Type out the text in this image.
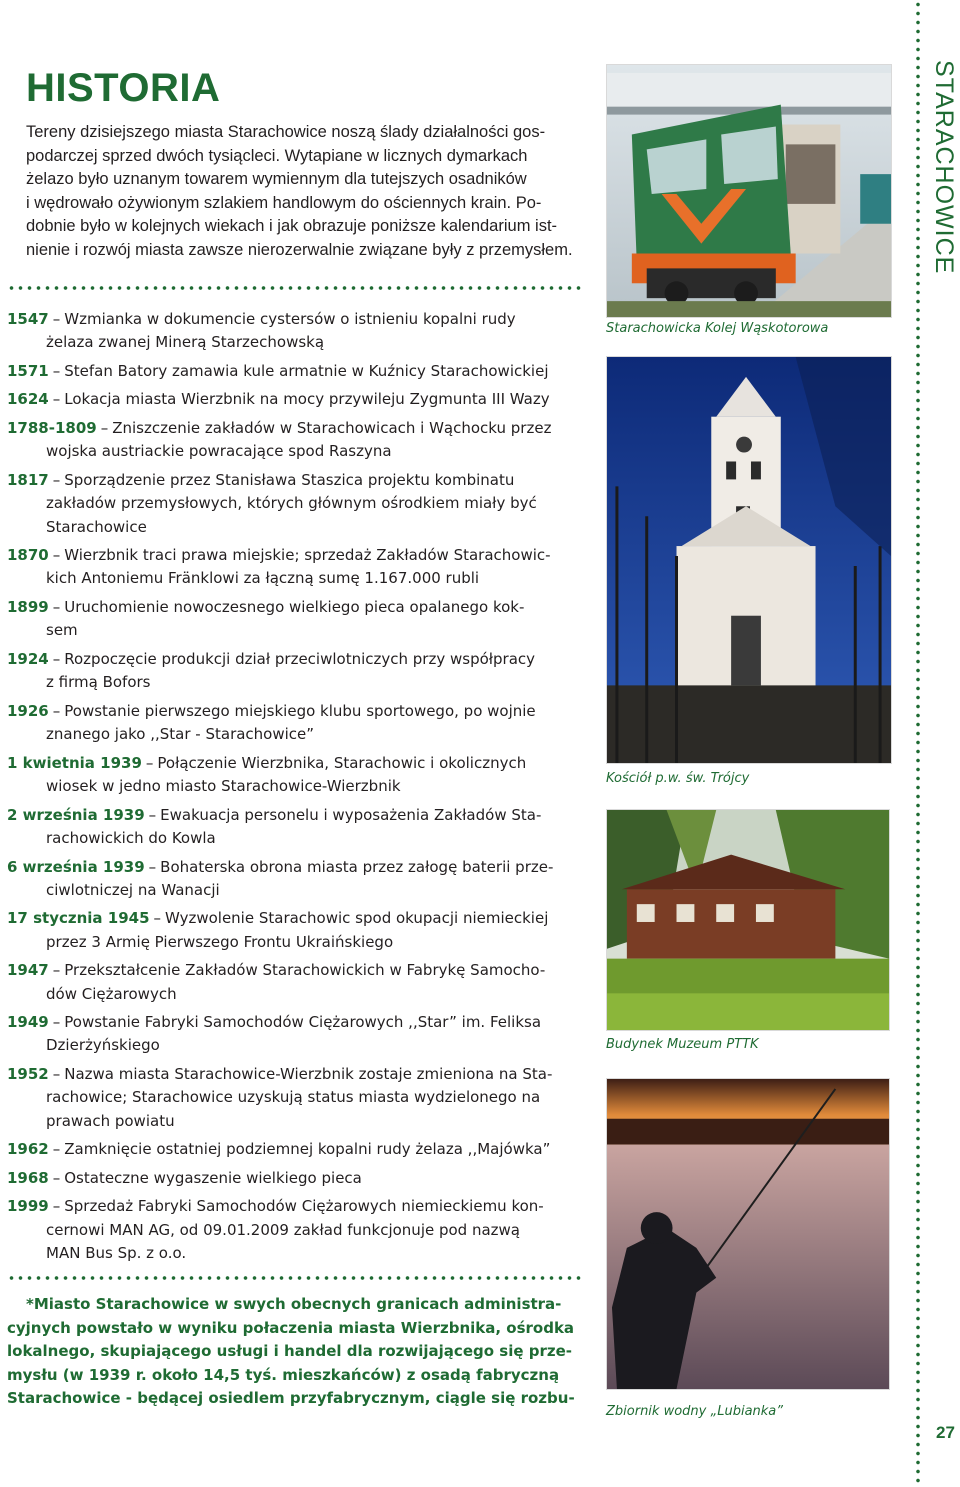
HISTORIA
Tereny dzisiejszego miasta Starachowice noszą ślady działalności gos-
podarczej sprzed dwóch tysiącleci. Wytapiane w licznych dymarkach
żelazo było uznanym towarem wymiennym dla tutejszych osadników
i wędrowało ożywionym szlakiem handlowym do ościennych krain. Po-
dobnie było w kolejnych wiekach i jak obrazuje poniższe kalendarium ist-
nienie i rozwój miasta zawsze nierozerwalnie związane były z przemysłem.
1547 – Wzmianka w dokumencie cystersów o istnieniu kopalni rudy
żelaza zwanej Minerą Starzechowską
1571 – Stefan Batory zamawia kule armatnie w Kuźnicy Starachowickiej
1624 – Lokacja miasta Wierzbnik na mocy przywileju Zygmunta III Wazy
1788-1809 – Zniszczenie zakładów w Starachowicach i Wąchocku przez
wojska austriackie powracające spod Raszyna
1817 – Sporządzenie przez Stanisława Staszica projektu kombinatu
zakładów przemysłowych, których głównym ośrodkiem miały być
Starachowice
1870 – Wierzbnik traci prawa miejskie; sprzedaż Zakładów Starachowic-
kich Antoniemu Fränklowi za łączną sumę 1.167.000 rubli
1899 – Uruchomienie nowoczesnego wielkiego pieca opalanego kok-
sem
1924 – Rozpoczęcie produkcji dział przeciwlotniczych przy współpracy
z firmą Bofors
1926 – Powstanie pierwszego miejskiego klubu sportowego, po wojnie
znanego jako ,,Star - Starachowice”
1 kwietnia 1939 – Połączenie Wierzbnika, Starachowic i okolicznych
wiosek w jedno miasto Starachowice-Wierzbnik
2 września 1939 – Ewakuacja personelu i wyposażenia Zakładów Sta-
rachowickich do Kowla
6 września 1939 – Bohaterska obrona miasta przez załogę baterii prze-
ciwlotniczej na Wanacji
17 stycznia 1945 – Wyzwolenie Starachowic spod okupacji niemieckiej
przez 3 Armię Pierwszego Frontu Ukraińskiego
1947 – Przekształcenie Zakładów Starachowickich w Fabrykę Samocho-
dów Ciężarowych
1949 – Powstanie Fabryki Samochodów Ciężarowych ,,Star” im. Feliksa
Dzierżyńskiego
1952 – Nazwa miasta Starachowice-Wierzbnik zostaje zmieniona na Sta-
rachowice; Starachowice uzyskują status miasta wydzielonego na
prawach powiatu
1962 – Zamknięcie ostatniej podziemnej kopalni rudy żelaza ,,Majówka”
1968 – Ostateczne wygaszenie wielkiego pieca
1999 – Sprzedaż Fabryki Samochodów Ciężarowych niemieckiemu kon-
cernowi MAN AG, od 09.01.2009 zakład funkcjonuje pod nazwą
MAN Bus Sp. z o.o.
*Miasto Starachowice w swych obecnych granicach administra-
cyjnych powstało w wyniku połaczenia miasta Wierzbnika, ośrodka
lokalnego, skupiającego usługi i handel dla rozwijającego się prze-
mysłu (w 1939 r. około 14,5 tyś. mieszkańców) z osadą fabryczną
Starachowice - będącej osiedlem przyfabrycznym, ciągle się rozbu-
Starachowicka Kolej Wąskotorowa
Kościół p.w. św. Trójcy
Budynek Muzeum PTTK
Zbiornik wodny „Lubianka”
STARACHOWICE
27
